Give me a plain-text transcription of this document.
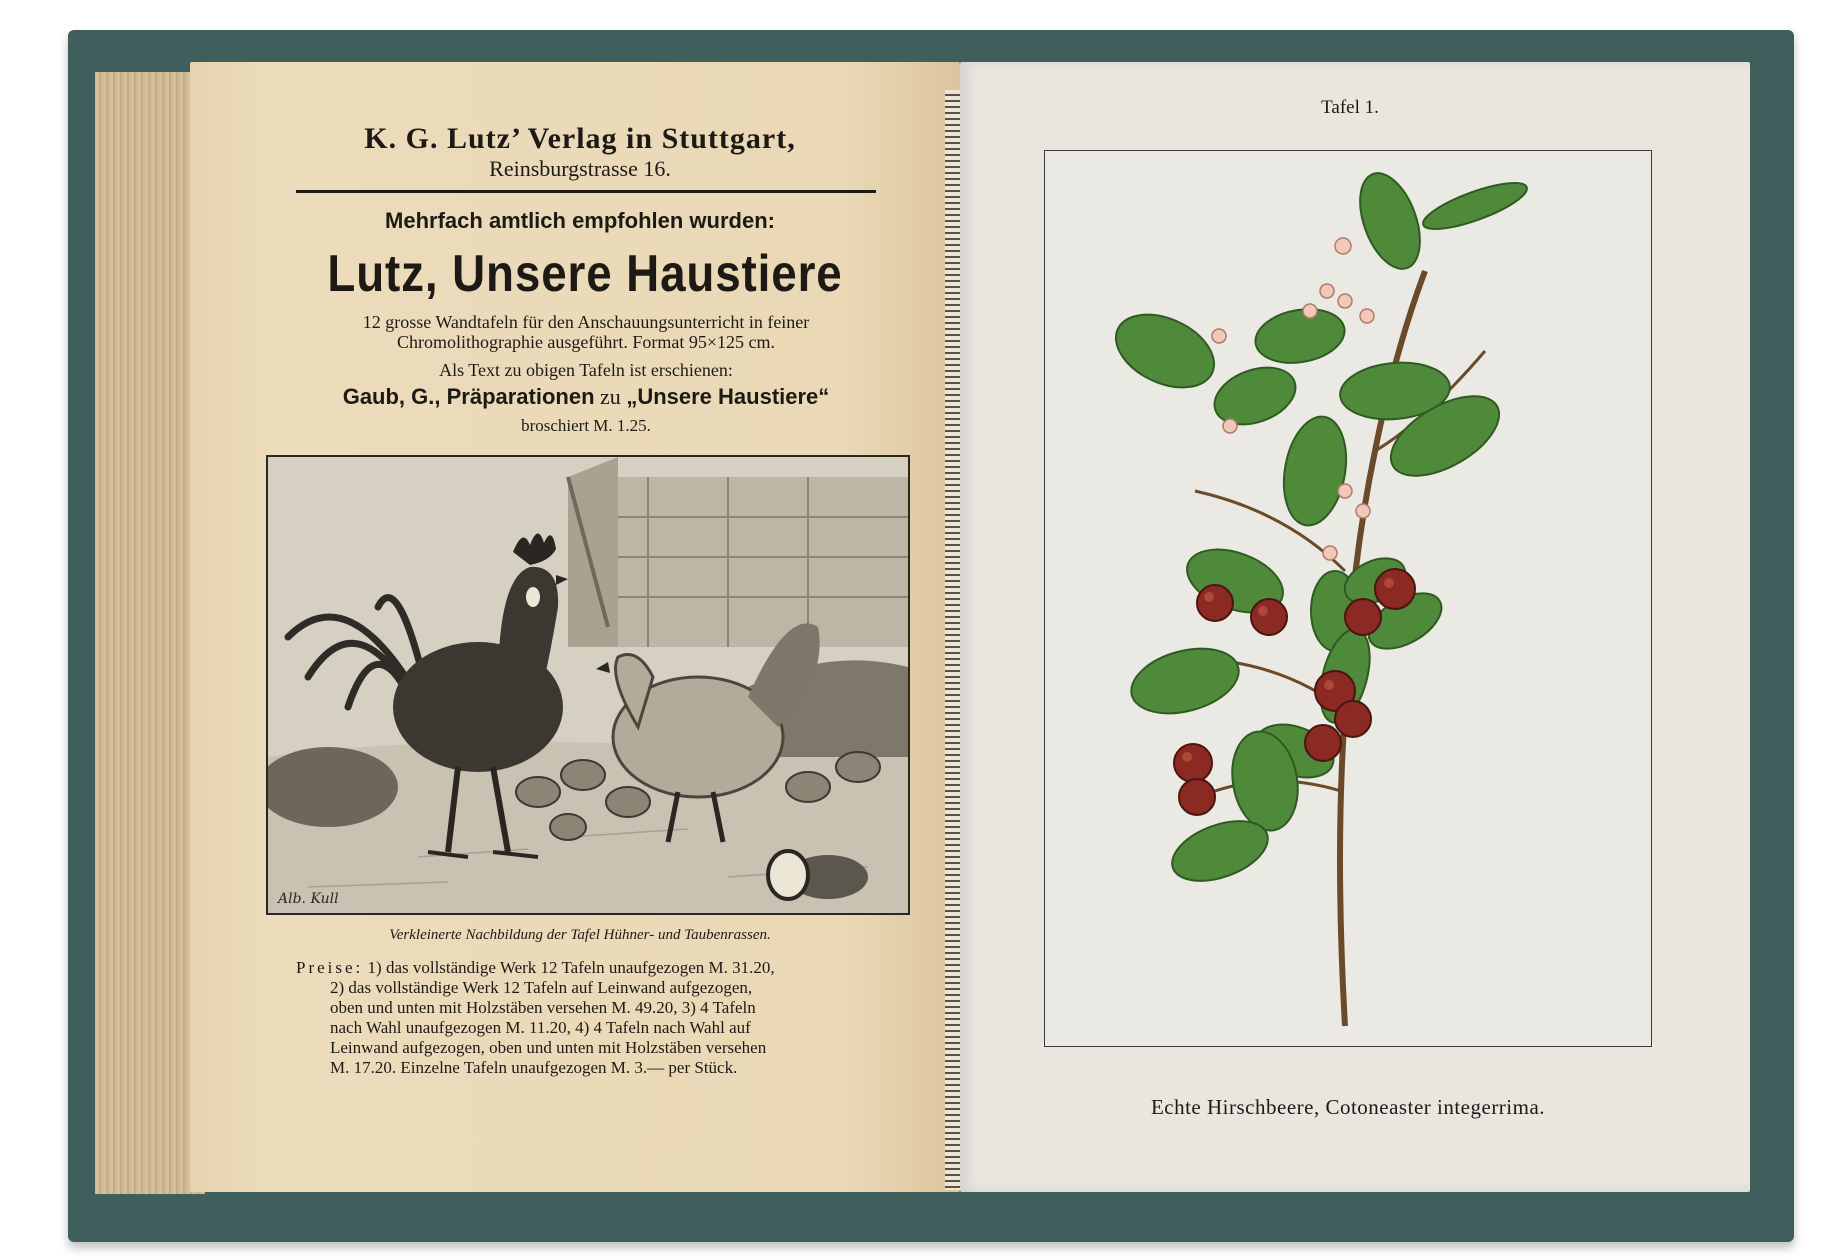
K. G. Lutz’ Verlag in Stuttgart,
Reinsburgstrasse 16.
Mehrfach amtlich empfohlen wurden:
Lutz, Unsere Haustiere
12 grosse Wandtafeln für den Anschauungsunterricht in feiner
Chromolithographie ausgeführt. Format 95×125 cm.
Als Text zu obigen Tafeln ist erschienen:
Gaub, G., Präparationen zu „Unsere Haustiere“
broschiert M. 1.25.
Alb. Kull
Verkleinerte Nachbildung der Tafel Hühner- und Taubenrassen.
Preise: 1) das vollständige Werk 12 Tafeln unaufgezogen M. 31.20,
2) das vollständige Werk 12 Tafeln auf Leinwand aufgezogen,
oben und unten mit Holzstäben versehen M. 49.20, 3) 4 Tafeln
nach Wahl unaufgezogen M. 11.20, 4) 4 Tafeln nach Wahl auf
Leinwand aufgezogen, oben und unten mit Holzstäben versehen
M. 17.20. Einzelne Tafeln unaufgezogen M. 3.— per Stück.
Tafel 1.
Echte Hirschbeere, Cotoneaster integerrima.
